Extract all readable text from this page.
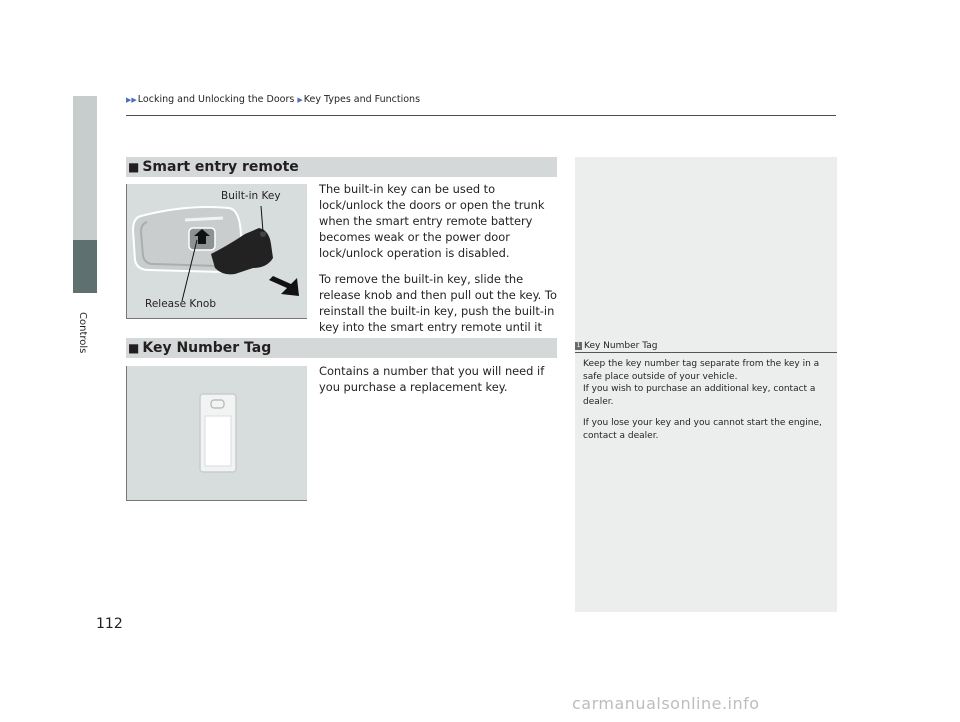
Controls
▶▶Locking and Unlocking the Doors ▶Key Types and Functions
■ Smart entry remote
Built-in Key
Release Knob

The built-in key can be used to lock/unlock the doors or open the trunk when the smart entry remote battery becomes weak or the power door lock/unlock operation is disabled.

To remove the built-in key, slide the release knob and then pull out the key. To reinstall the built-in key, push the built-in key into the smart entry remote until it

■ Key Number Tag

Contains a number that you will need if you purchase a replacement key.

1 Key Number Tag

Keep the key number tag separate from the key in a safe place outside of your vehicle.
If you wish to purchase an additional key, contact a dealer.

If you lose your key and you cannot start the engine, contact a dealer.

112
carmanualsonline.info
